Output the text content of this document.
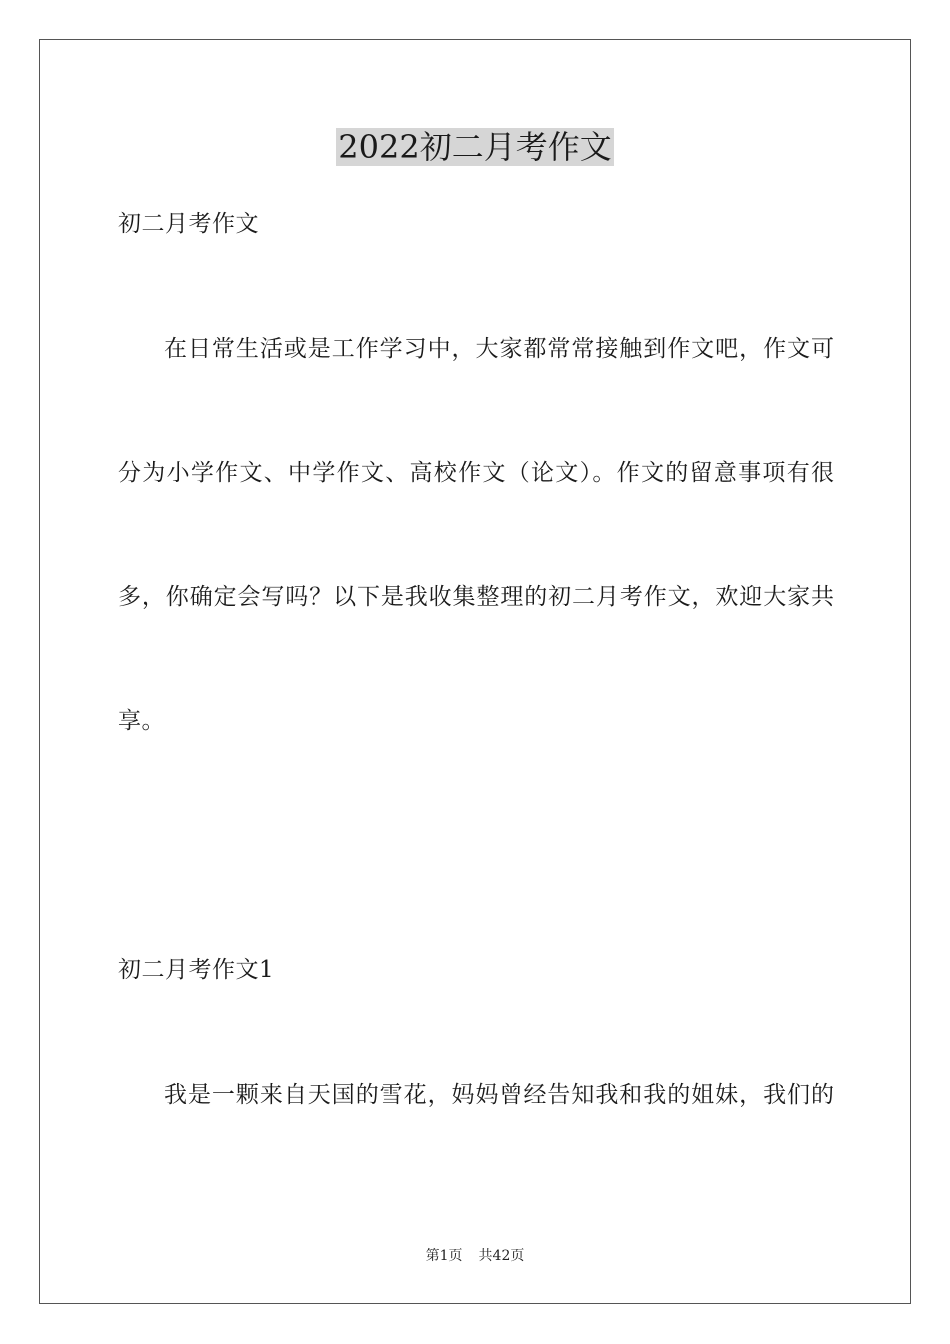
2022初二月考作文
初二月考作文
在日常生活或是工作学习中，大家都常常接触到作文吧，作文可
分为小学作文、中学作文、高校作文（论文）。作文的留意事项有很
多，你确定会写吗？以下是我收集整理的初二月考作文，欢迎大家共
享。
初二月考作文1
我是一颗来自天国的雪花，妈妈曾经告知我和我的姐妹，我们的
第1页 共42页
